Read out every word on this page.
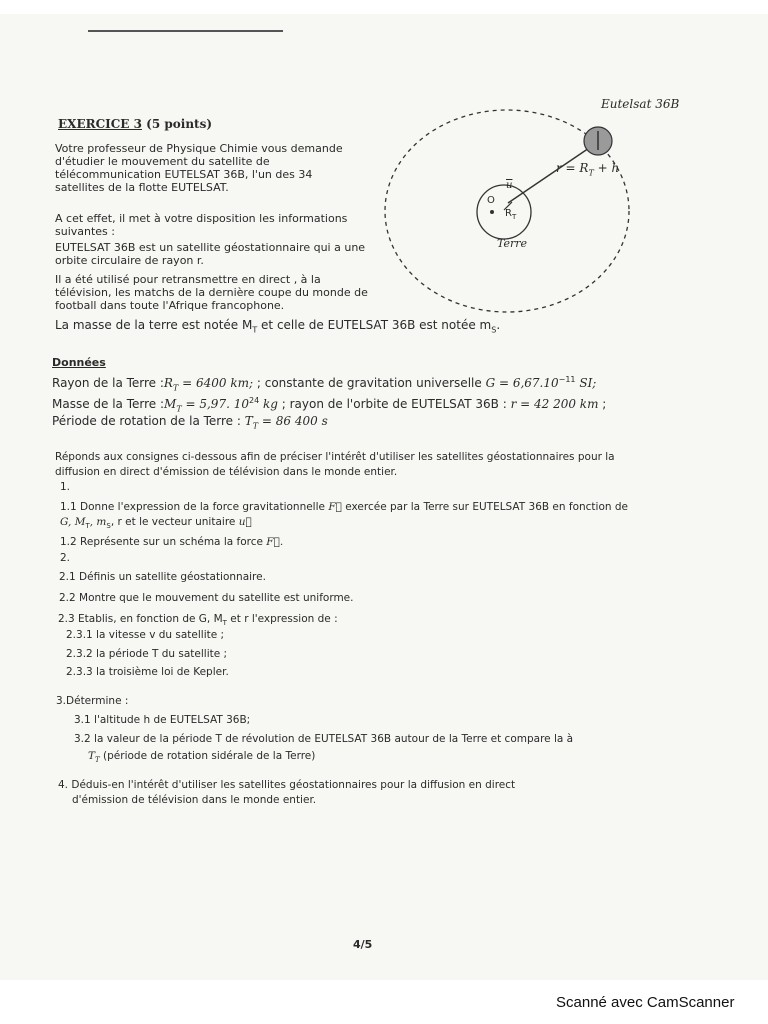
EXERCICE 3 (5 points)
Votre professeur de Physique Chimie vous demande d'étudier le mouvement du satellite de télécommunication EUTELSAT 36B, l'un des 34 satellites de la flotte EUTELSAT.
A cet effet, il met à votre disposition les informations suivantes :
EUTELSAT 36B est un satellite géostationnaire qui a une orbite circulaire de rayon r.
Il a été utilisé pour retransmettre en direct , à la télévision, les matchs de la dernière coupe du monde de football dans toute l'Afrique francophone.
La masse de la terre est notée $M_T$ et celle de EUTELSAT 36B est notée $m_S$.
Eutelsat 36B
$r = R_T + h$
Terre
O
$R_T$
$\overline{u}$
Données
Rayon de la Terre $:R_T = 6400$ km; ; constante de gravitation universelle $G = 6,67.10^{-11}$ SI;
Masse de la Terre $:M_T = 5,97$. $10^{24}$ kg ; rayon de l'orbite de EUTELSAT 36B : r = 42 200 km ;
Période de rotation de la Terre : $T_T = 86$ 400 s
Réponds aux consignes ci-dessous afin de préciser l'intérêt d'utiliser les satellites géostationnaires pour la
diffusion en direct d'émission de télévision dans le monde entier.
1.
1.1 Donne l'expression de la force gravitationnelle F⃗ exercée par la Terre sur EUTELSAT 36B en fonction de
G, $M_T$, $m_S$, r et le vecteur unitaire u⃗
1.2 Représente sur un schéma la force F⃗.
2.
2.1 Définis un satellite géostationnaire.
2.2 Montre que le mouvement du satellite est uniforme.
2.3 Etablis, en fonction de G, $M_T$ et r l'expression de :
2.3.1 la vitesse v du satellite ;
2.3.2 la période T du satellite ;
2.3.3 la troisième loi de Kepler.
3.Détermine :
3.1 l'altitude h de EUTELSAT 36B;
3.2 la valeur de la période T de révolution de EUTELSAT 36B autour de la Terre et compare la à
$T_T$ (période de rotation sidérale de la Terre)
4. Déduis-en l'intérêt d'utiliser les satellites géostationnaires pour la diffusion en direct
d'émission de télévision dans le monde entier.
4/5
Scanné avec CamScanner
